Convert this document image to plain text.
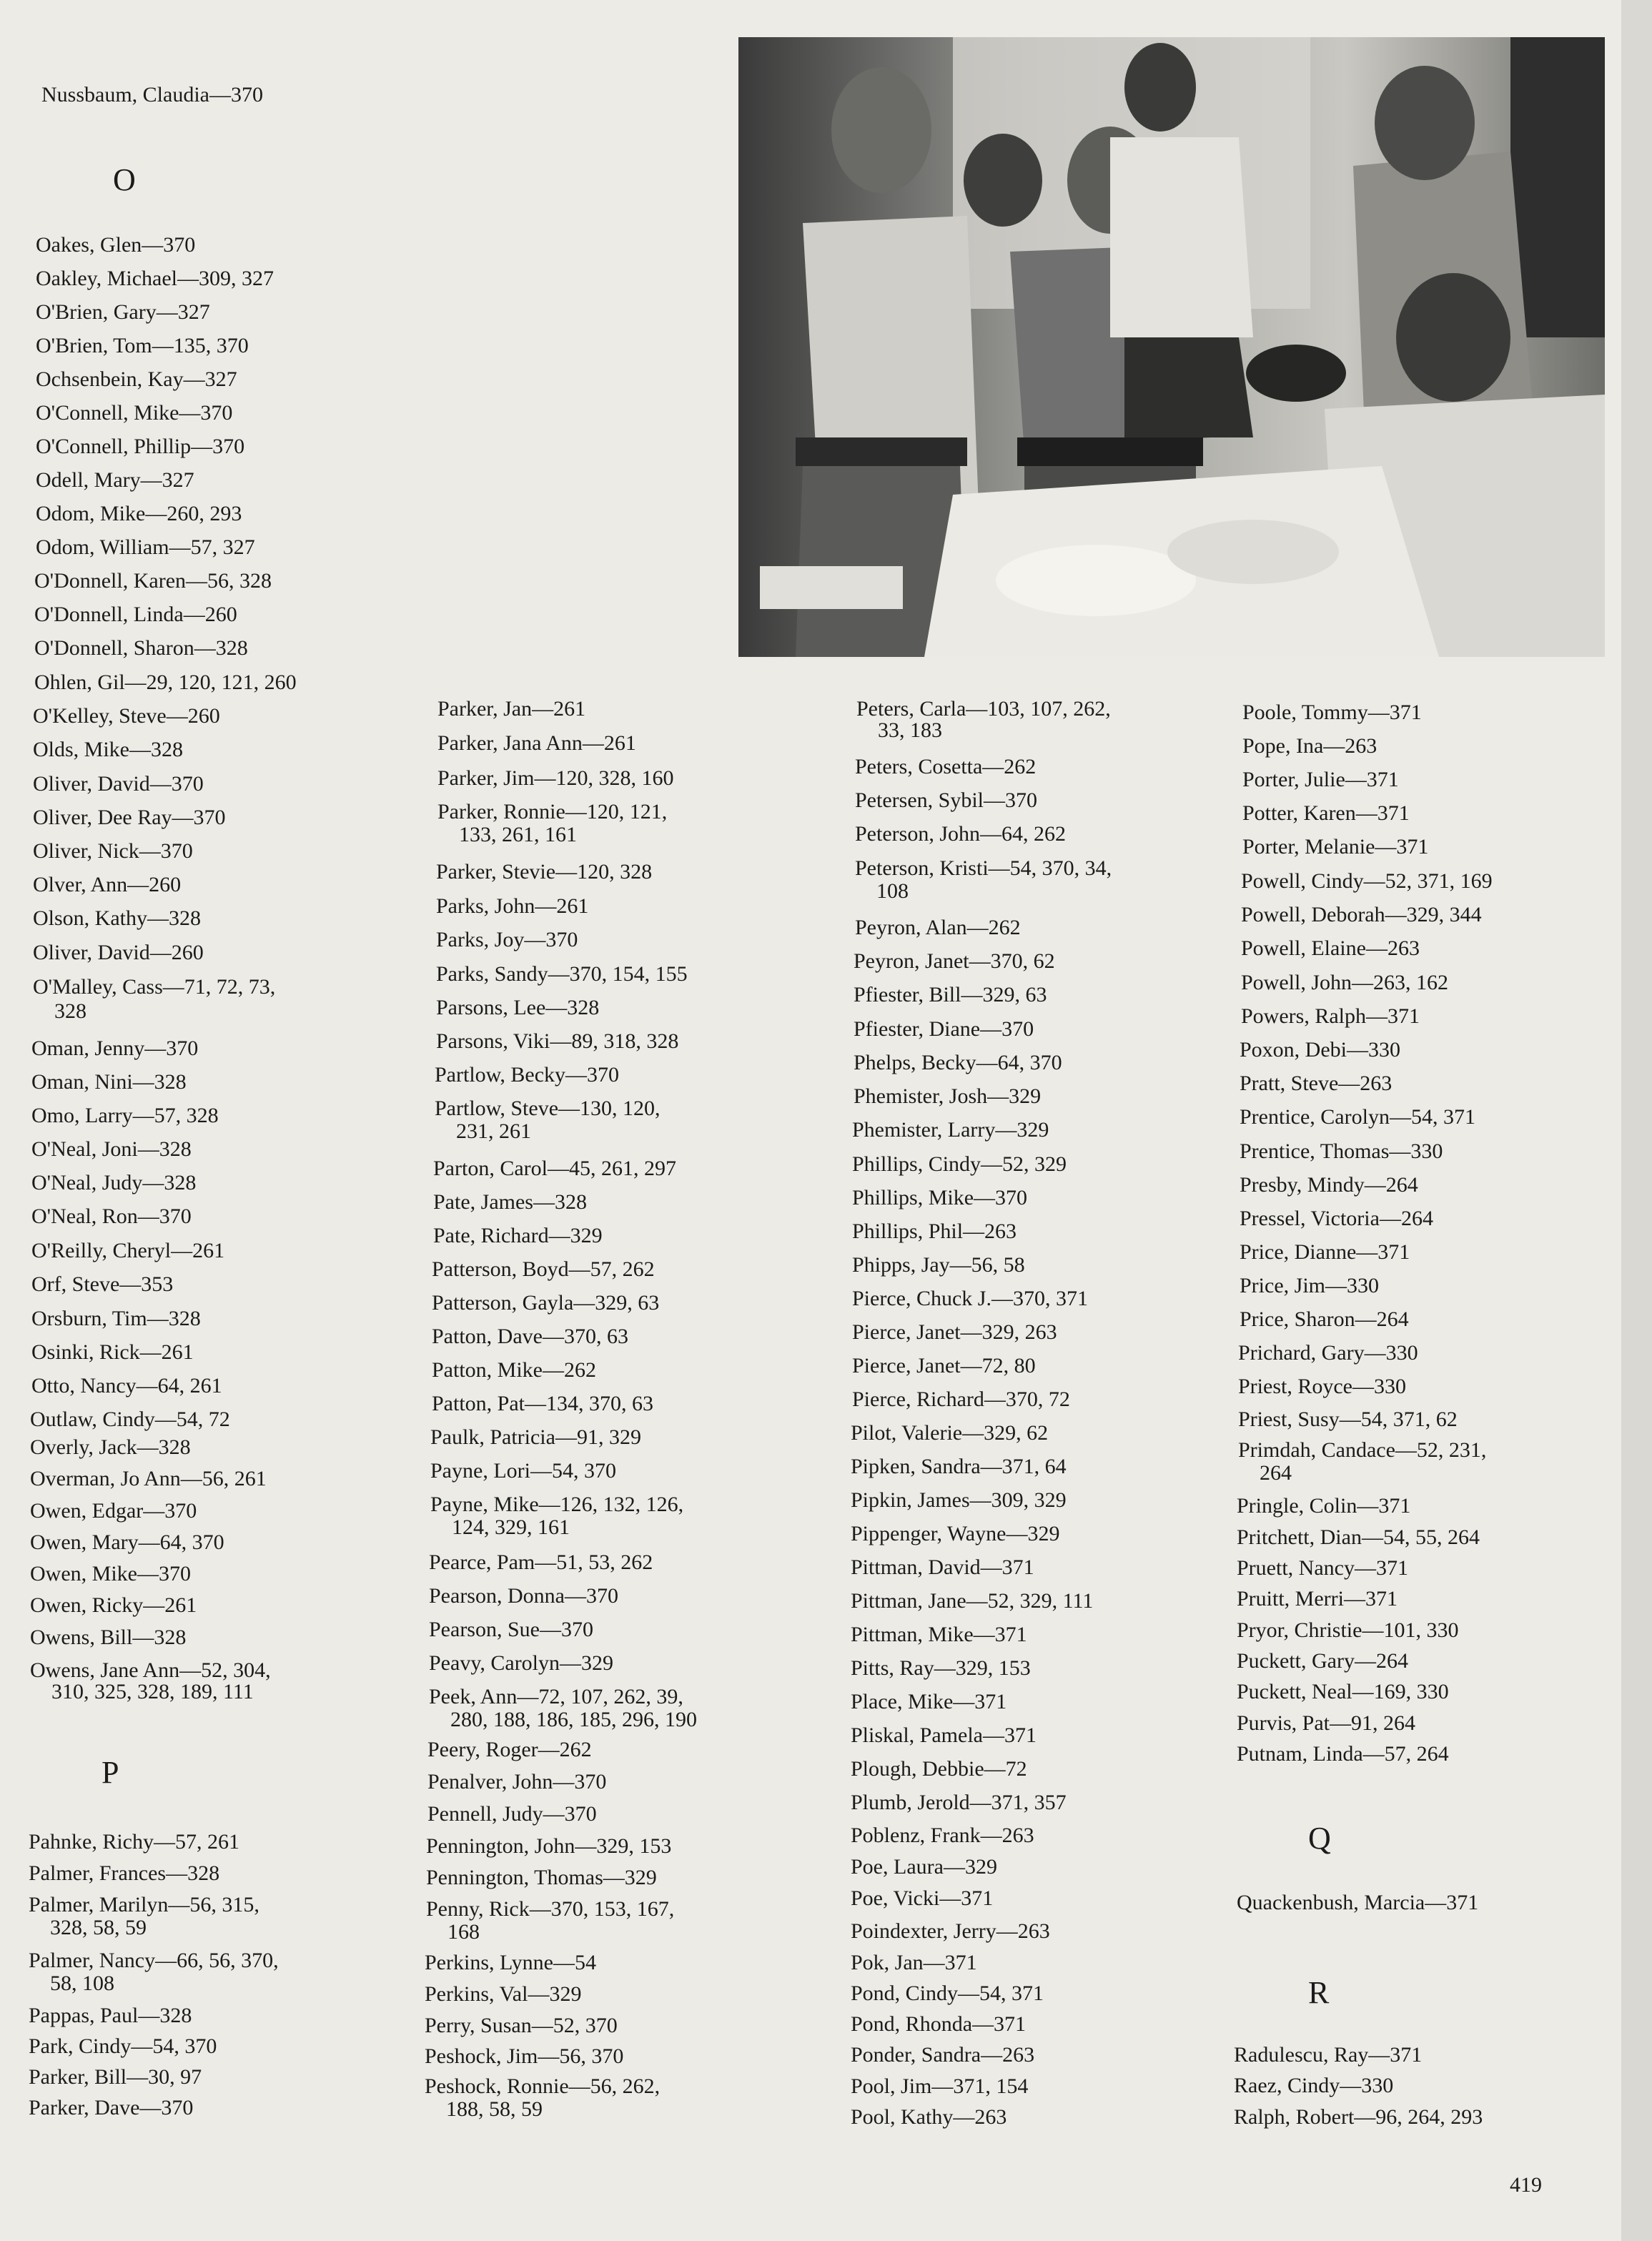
Nussbaum, Claudia—370
O
Oakes, Glen—370
Oakley, Michael—309, 327
O'Brien, Gary—327
O'Brien, Tom—135, 370
Ochsenbein, Kay—327
O'Connell, Mike—370
O'Connell, Phillip—370
Odell, Mary—327
Odom, Mike—260, 293
Odom, William—57, 327
O'Donnell, Karen—56, 328
O'Donnell, Linda—260
O'Donnell, Sharon—328
Ohlen, Gil—29, 120, 121, 260
O'Kelley, Steve—260
Olds, Mike—328
Oliver, David—370
Oliver, Dee Ray—370
Oliver, Nick—370
Olver, Ann—260
Olson, Kathy—328
Oliver, David—260
O'Malley, Cass—71, 72, 73,
328
Oman, Jenny—370
Oman, Nini—328
Omo, Larry—57, 328
O'Neal, Joni—328
O'Neal, Judy—328
O'Neal, Ron—370
O'Reilly, Cheryl—261
Orf, Steve—353
Orsburn, Tim—328
Osinki, Rick—261
Otto, Nancy—64, 261
Outlaw, Cindy—54, 72
Overly, Jack—328
Overman, Jo Ann—56, 261
Owen, Edgar—370
Owen, Mary—64, 370
Owen, Mike—370
Owen, Ricky—261
Owens, Bill—328
Owens, Jane Ann—52, 304,
310, 325, 328, 189, 111
P
Pahnke, Richy—57, 261
Palmer, Frances—328
Palmer, Marilyn—56, 315,
328, 58, 59
Palmer, Nancy—66, 56, 370,
58, 108
Pappas, Paul—328
Park, Cindy—54, 370
Parker, Bill—30, 97
Parker, Dave—370
Parker, Jan—261
Parker, Jana Ann—261
Parker, Jim—120, 328, 160
Parker, Ronnie—120, 121,
133, 261, 161
Parker, Stevie—120, 328
Parks, John—261
Parks, Joy—370
Parks, Sandy—370, 154, 155
Parsons, Lee—328
Parsons, Viki—89, 318, 328
Partlow, Becky—370
Partlow, Steve—130, 120,
231, 261
Parton, Carol—45, 261, 297
Pate, James—328
Pate, Richard—329
Patterson, Boyd—57, 262
Patterson, Gayla—329, 63
Patton, Dave—370, 63
Patton, Mike—262
Patton, Pat—134, 370, 63
Paulk, Patricia—91, 329
Payne, Lori—54, 370
Payne, Mike—126, 132, 126,
124, 329, 161
Pearce, Pam—51, 53, 262
Pearson, Donna—370
Pearson, Sue—370
Peavy, Carolyn—329
Peek, Ann—72, 107, 262, 39,
280, 188, 186, 185, 296, 190
Peery, Roger—262
Penalver, John—370
Pennell, Judy—370
Pennington, John—329, 153
Pennington, Thomas—329
Penny, Rick—370, 153, 167,
168
Perkins, Lynne—54
Perkins, Val—329
Perry, Susan—52, 370
Peshock, Jim—56, 370
Peshock, Ronnie—56, 262,
188, 58, 59
Peters, Carla—103, 107, 262,
33, 183
Peters, Cosetta—262
Petersen, Sybil—370
Peterson, John—64, 262
Peterson, Kristi—54, 370, 34,
108
Peyron, Alan—262
Peyron, Janet—370, 62
Pfiester, Bill—329, 63
Pfiester, Diane—370
Phelps, Becky—64, 370
Phemister, Josh—329
Phemister, Larry—329
Phillips, Cindy—52, 329
Phillips, Mike—370
Phillips, Phil—263
Phipps, Jay—56, 58
Pierce, Chuck J.—370, 371
Pierce, Janet—329, 263
Pierce, Janet—72, 80
Pierce, Richard—370, 72
Pilot, Valerie—329, 62
Pipken, Sandra—371, 64
Pipkin, James—309, 329
Pippenger, Wayne—329
Pittman, David—371
Pittman, Jane—52, 329, 111
Pittman, Mike—371
Pitts, Ray—329, 153
Place, Mike—371
Pliskal, Pamela—371
Plough, Debbie—72
Plumb, Jerold—371, 357
Poblenz, Frank—263
Poe, Laura—329
Poe, Vicki—371
Poindexter, Jerry—263
Pok, Jan—371
Pond, Cindy—54, 371
Pond, Rhonda—371
Ponder, Sandra—263
Pool, Jim—371, 154
Pool, Kathy—263
Poole, Tommy—371
Pope, Ina—263
Porter, Julie—371
Potter, Karen—371
Porter, Melanie—371
Powell, Cindy—52, 371, 169
Powell, Deborah—329, 344
Powell, Elaine—263
Powell, John—263, 162
Powers, Ralph—371
Poxon, Debi—330
Pratt, Steve—263
Prentice, Carolyn—54, 371
Prentice, Thomas—330
Presby, Mindy—264
Pressel, Victoria—264
Price, Dianne—371
Price, Jim—330
Price, Sharon—264
Prichard, Gary—330
Priest, Royce—330
Priest, Susy—54, 371, 62
Primdah, Candace—52, 231,
264
Pringle, Colin—371
Pritchett, Dian—54, 55, 264
Pruett, Nancy—371
Pruitt, Merri—371
Pryor, Christie—101, 330
Puckett, Gary—264
Puckett, Neal—169, 330
Purvis, Pat—91, 264
Putnam, Linda—57, 264
Q
Quackenbush, Marcia—371
R
Radulescu, Ray—371
Raez, Cindy—330
Ralph, Robert—96, 264, 293
419
